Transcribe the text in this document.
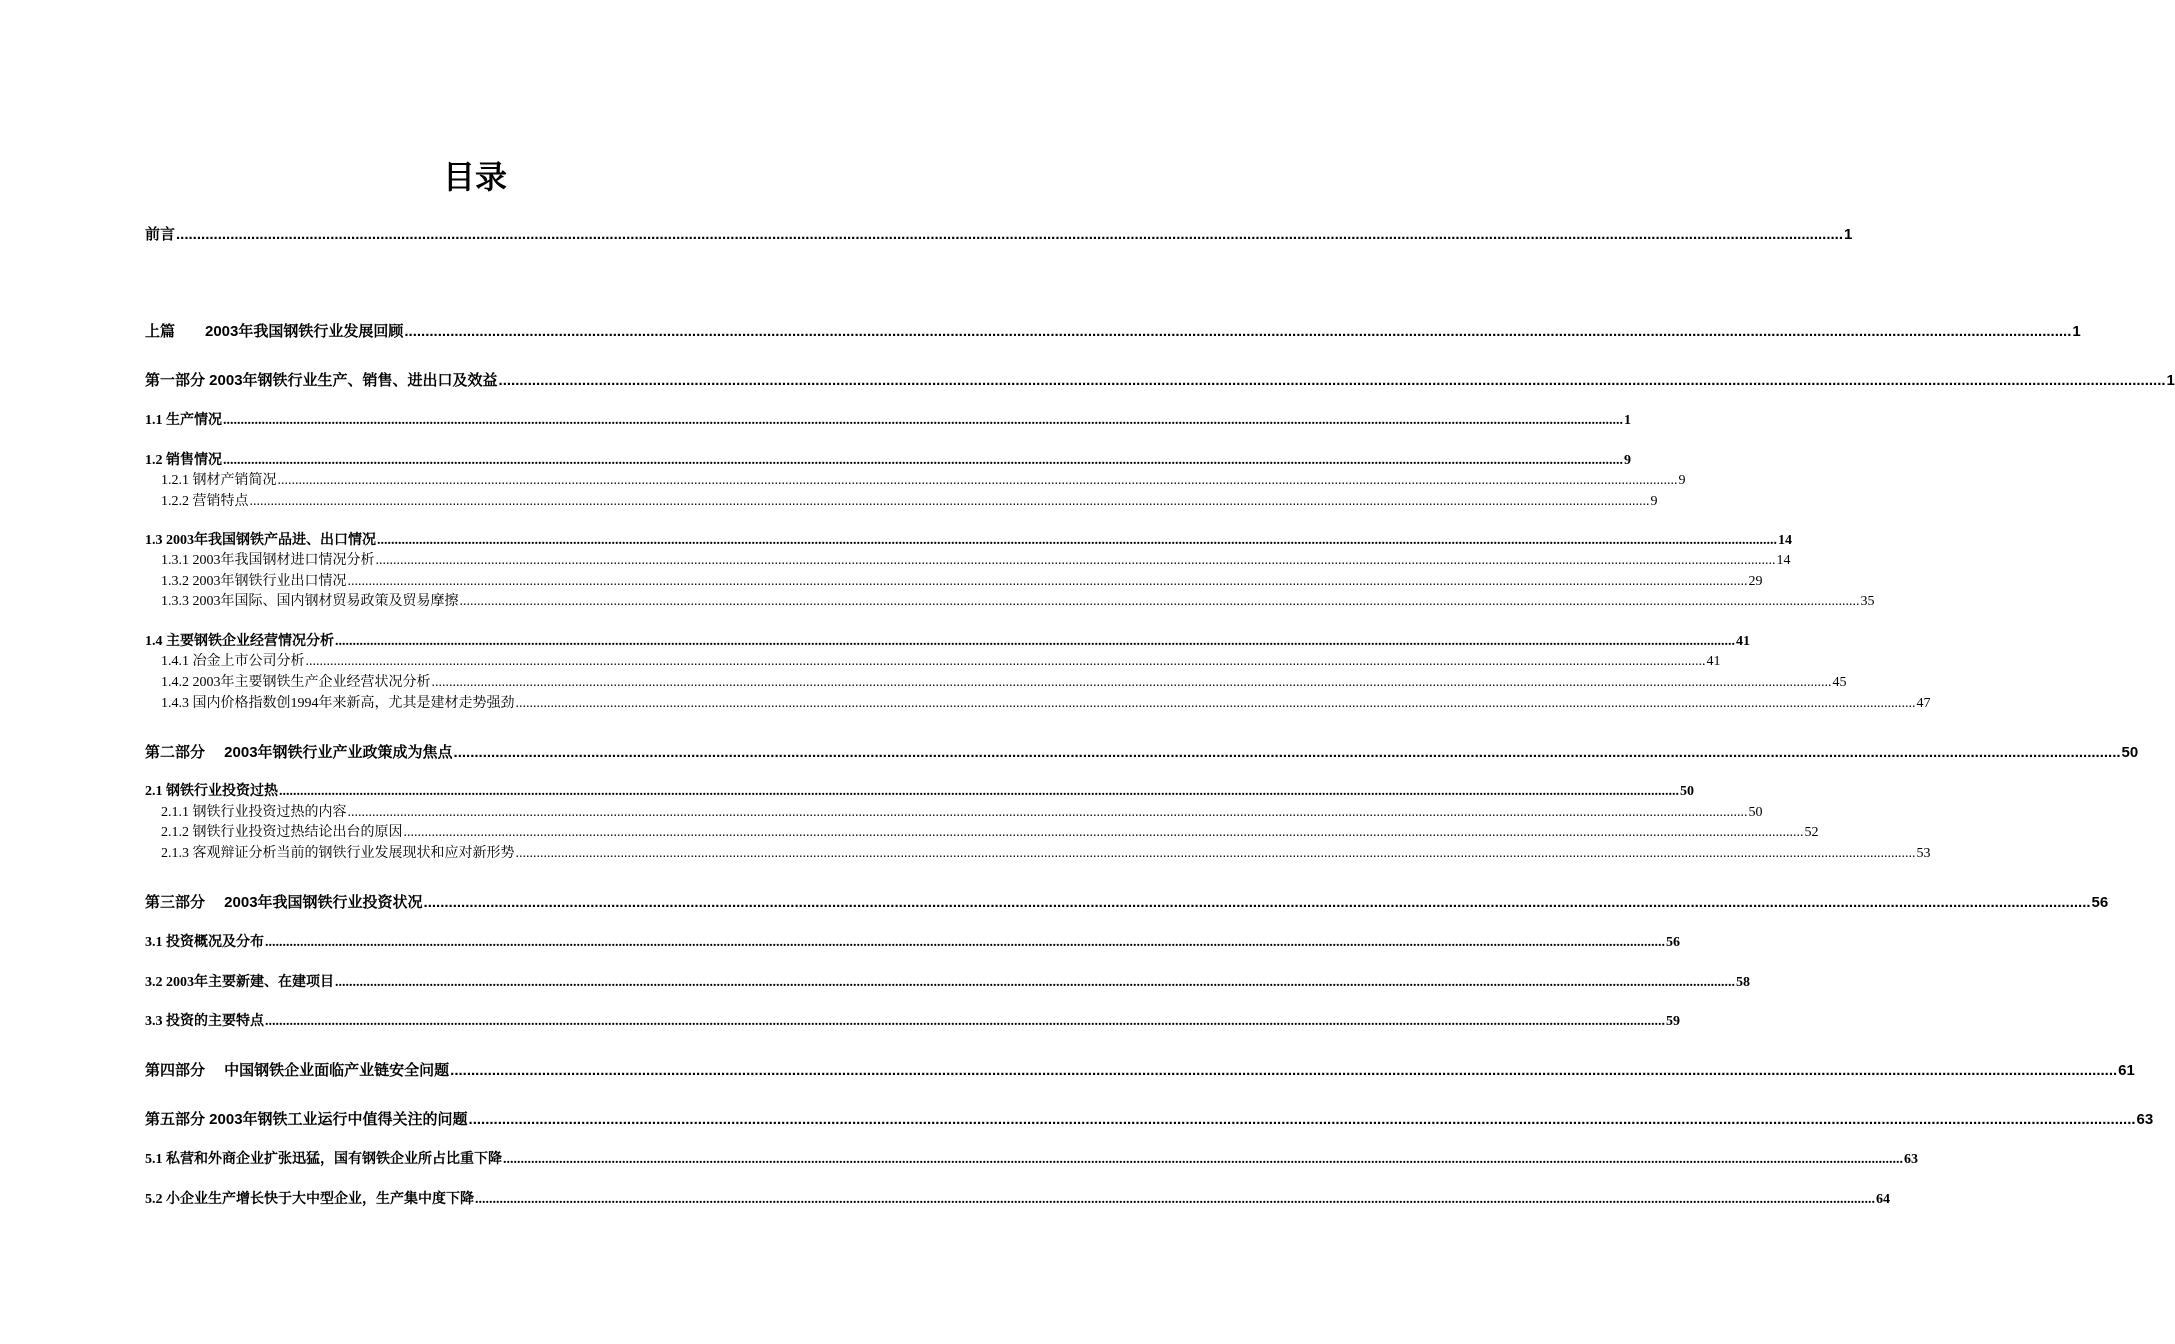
目录
前言 ................................................................................................................................................................................................................................................................................................................................................................................................................ 1
上篇　　2003年我国钢铁行业发展回顾 ................................................................................................................................................................................................................................................................................................................................................................................................................ 1
第一部分 2003年钢铁行业生产、销售、进出口及效益 ................................................................................................................................................................................................................................................................................................................................................................................................................ 1
1.1 生产情况 ................................................................................................................................................................................................................................................................................................................................................................................................................ 1
1.2 销售情况 ................................................................................................................................................................................................................................................................................................................................................................................................................ 9
1.2.1 钢材产销简况 ................................................................................................................................................................................................................................................................................................................................................................................................................ 9
1.2.2 营销特点 ................................................................................................................................................................................................................................................................................................................................................................................................................ 9
1.3 2003年我国钢铁产品进、出口情况 ................................................................................................................................................................................................................................................................................................................................................................................................................ 14
1.3.1 2003年我国钢材进口情况分析 ................................................................................................................................................................................................................................................................................................................................................................................................................ 14
1.3.2 2003年钢铁行业出口情况 ................................................................................................................................................................................................................................................................................................................................................................................................................ 29
1.3.3 2003年国际、国内钢材贸易政策及贸易摩擦 ................................................................................................................................................................................................................................................................................................................................................................................................................ 35
1.4 主要钢铁企业经营情况分析 ................................................................................................................................................................................................................................................................................................................................................................................................................ 41
1.4.1 冶金上市公司分析 ................................................................................................................................................................................................................................................................................................................................................................................................................ 41
1.4.2 2003年主要钢铁生产企业经营状况分析 ................................................................................................................................................................................................................................................................................................................................................................................................................ 45
1.4.3 国内价格指数创1994年来新高，尤其是建材走势强劲 ................................................................................................................................................................................................................................................................................................................................................................................................................ 47
第二部分　 2003年钢铁行业产业政策成为焦点 ................................................................................................................................................................................................................................................................................................................................................................................................................ 50
2.1 钢铁行业投资过热 ................................................................................................................................................................................................................................................................................................................................................................................................................ 50
2.1.1 钢铁行业投资过热的内容 ................................................................................................................................................................................................................................................................................................................................................................................................................ 50
2.1.2 钢铁行业投资过热结论出台的原因 ................................................................................................................................................................................................................................................................................................................................................................................................................ 52
2.1.3 客观辩证分析当前的钢铁行业发展现状和应对新形势 ................................................................................................................................................................................................................................................................................................................................................................................................................ 53
第三部分　 2003年我国钢铁行业投资状况 ................................................................................................................................................................................................................................................................................................................................................................................................................ 56
3.1 投资概况及分布 ................................................................................................................................................................................................................................................................................................................................................................................................................ 56
3.2 2003年主要新建、在建项目 ................................................................................................................................................................................................................................................................................................................................................................................................................ 58
3.3 投资的主要特点 ................................................................................................................................................................................................................................................................................................................................................................................................................ 59
第四部分　 中国钢铁企业面临产业链安全问题 ................................................................................................................................................................................................................................................................................................................................................................................................................ 61
第五部分 2003年钢铁工业运行中值得关注的问题 ................................................................................................................................................................................................................................................................................................................................................................................................................ 63
5.1 私营和外商企业扩张迅猛，国有钢铁企业所占比重下降 ................................................................................................................................................................................................................................................................................................................................................................................................................ 63
5.2 小企业生产增长快于大中型企业，生产集中度下降 ................................................................................................................................................................................................................................................................................................................................................................................................................ 64
